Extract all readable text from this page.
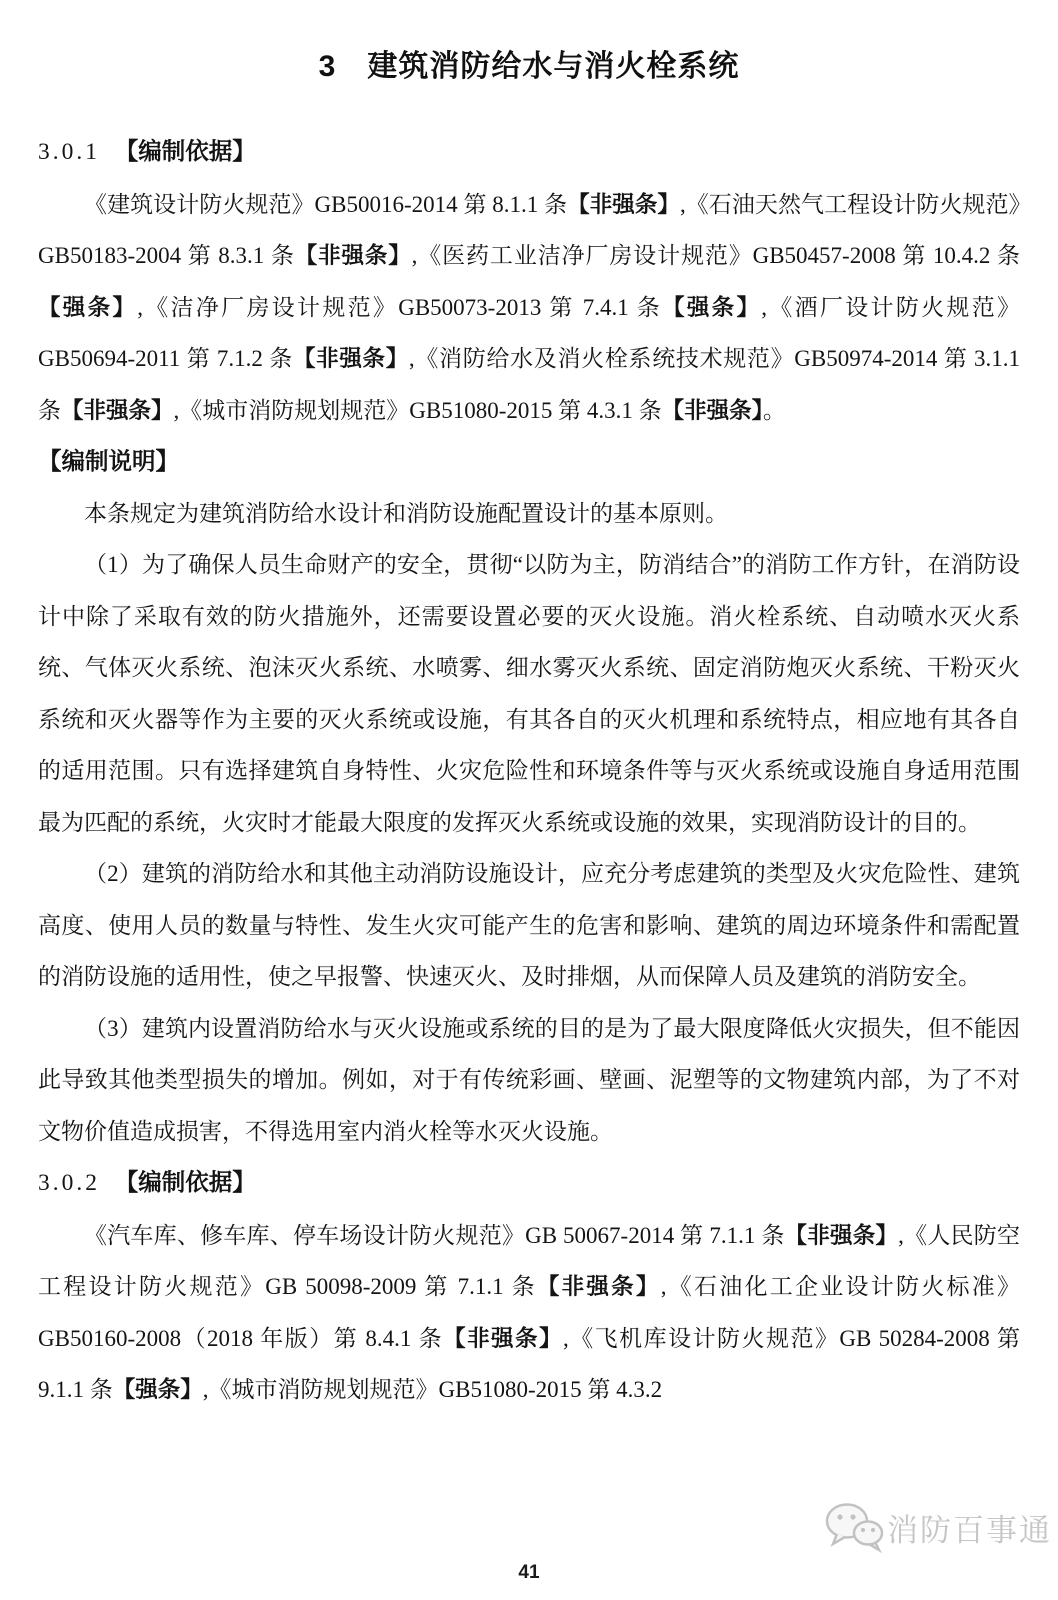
3　建筑消防给水与消火栓系统
3.0.1　【编制依据】
《建筑设计防火规范》GB50016-2014 第 8.1.1 条【非强条】,《石油天然气工程设计防火规范》GB50183-2004 第 8.3.1 条【非强条】,《医药工业洁净厂房设计规范》GB50457-2008 第 10.4.2 条【强条】,《洁净厂房设计规范》GB50073-2013 第 7.4.1 条【强条】,《酒厂设计防火规范》GB50694-2011 第 7.1.2 条【非强条】,《消防给水及消火栓系统技术规范》GB50974-2014 第 3.1.1 条【非强条】,《城市消防规划规范》GB51080-2015 第 4.3.1 条【非强条】。
【编制说明】
本条规定为建筑消防给水设计和消防设施配置设计的基本原则。
（1）为了确保人员生命财产的安全，贯彻“以防为主，防消结合”的消防工作方针，在消防设计中除了采取有效的防火措施外，还需要设置必要的灭火设施。消火栓系统、自动喷水灭火系统、气体灭火系统、泡沫灭火系统、水喷雾、细水雾灭火系统、固定消防炮灭火系统、干粉灭火系统和灭火器等作为主要的灭火系统或设施，有其各自的灭火机理和系统特点，相应地有其各自的适用范围。只有选择建筑自身特性、火灾危险性和环境条件等与灭火系统或设施自身适用范围最为匹配的系统，火灾时才能最大限度的发挥灭火系统或设施的效果，实现消防设计的目的。
（2）建筑的消防给水和其他主动消防设施设计，应充分考虑建筑的类型及火灾危险性、建筑高度、使用人员的数量与特性、发生火灾可能产生的危害和影响、建筑的周边环境条件和需配置的消防设施的适用性，使之早报警、快速灭火、及时排烟，从而保障人员及建筑的消防安全。
（3）建筑内设置消防给水与灭火设施或系统的目的是为了最大限度降低火灾损失，但不能因此导致其他类型损失的增加。例如，对于有传统彩画、壁画、泥塑等的文物建筑内部，为了不对文物价值造成损害，不得选用室内消火栓等水灭火设施。
3.0.2　【编制依据】
《汽车库、修车库、停车场设计防火规范》GB 50067-2014 第 7.1.1 条【非强条】,《人民防空工程设计防火规范》GB 50098-2009 第 7.1.1 条【非强条】,《石油化工企业设计防火标准》GB50160-2008（2018 年版）第 8.4.1 条【非强条】,《飞机库设计防火规范》GB 50284-2008 第 9.1.1 条【强条】,《城市消防规划规范》GB51080-2015 第 4.3.2
消防百事通
41
